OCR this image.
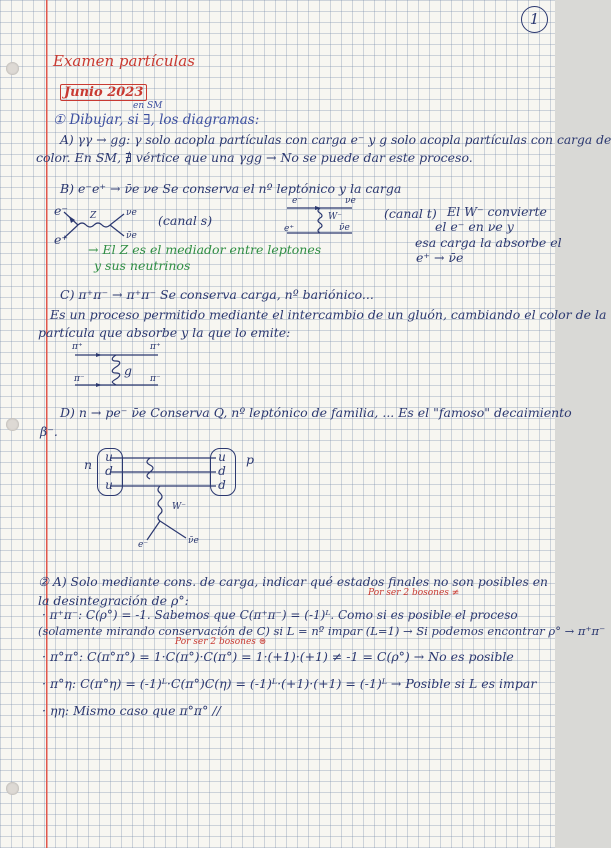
1
Examen partículas
Junio 2023
① Dibujar, si ∃, los diagramas:
en SM
A) γγ → gg: γ solo acopla partículas con carga e⁻ y g solo acopla partículas con carga de
color. En SM, ∄ vértice que una γgg → No se puede dar este proceso.
B) e⁻e⁺ → ν̄e νe Se conserva el nº leptónico y la carga
e⁻
e⁺
Z	νe
ν̄e
(canal s)
→ El Z es el mediador entre leptones
y sus neutrinos
e⁻
e⁺
νe
ν̄e
W⁻	(canal t) El W⁻ convierte
el e⁻ en νe y
esa carga la absorbe el
e⁺ → ν̄e
C) π⁺π⁻ → π⁺π⁻ Se conserva carga, nº bariónico...
Es un proceso permitido mediante el intercambio de un gluón, cambiando el color de la
partícula que absorbe y la que lo emite:
π⁺	π⁺
π⁻	π⁻
g
D) n → pe⁻ ν̄e Conserva Q, nº leptónico de familia, ... Es el "famoso" decaimiento
β⁻.
n u
d
u
u
d
d
p
W⁻
e⁻	ν̄e
② A) Solo mediante cons. de carga, indicar qué estados finales no son posibles en
la desintegración de ρ°:	Por ser 2 bosones ≠
· π⁺π⁻: C(ρ°) = -1. Sabemos que C(π⁺π⁻) = (-1)ᴸ. Como si es posible el proceso
(solamente mirando conservación de C) si L = nº impar (L=1) → Si podemos encontrar ρ° → π⁺π⁻
Por ser 2 bosones ⊜
· π°π°: C(π°π°) = 1·C(π°)·C(π°) = 1·(+1)·(+1) ≠ -1 = C(ρ°) → No es posible
· π°η: C(π°η) = (-1)ᴸ·C(π°)C(η) = (-1)ᴸ·(+1)·(+1) = (-1)ᴸ → Posible si L es impar
· ηη: Mismo caso que π°π° //
